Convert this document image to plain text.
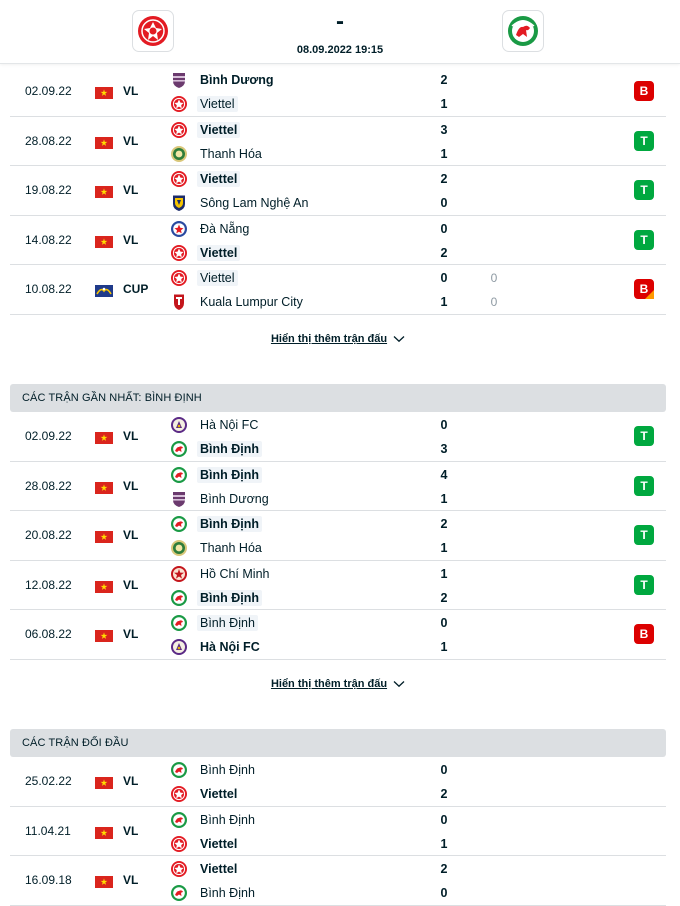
-
08.09.2022 19:15
02.09.22	VL
Bình Dương	2
Viettel	1
B
28.08.22	VL
Viettel	3
Thanh Hóa	1
T
19.08.22	VL
Viettel	2
Sông Lam Nghệ An	0
T
14.08.22	VL
Đà Nẵng	0
Viettel	2
T
10.08.22	CUP
Viettel	0	0
Kuala Lumpur City	1	0
B
Hiển thị thêm trận đấu
CÁC TRẬN GẦN NHẤT: BÌNH ĐỊNH
02.09.22	VL
Hà Nội FC	0
Bình Định	3
T
28.08.22	VL
Bình Định	4
Bình Dương	1
T
20.08.22	VL
Bình Định	2
Thanh Hóa	1
T
12.08.22	VL
Hồ Chí Minh	1
Bình Định	2
T
06.08.22	VL
Bình Định	0
Hà Nội FC	1
B
Hiển thị thêm trận đấu
CÁC TRẬN ĐỐI ĐẦU
25.02.22	VL
Bình Định	0
Viettel	2
11.04.21	VL
Bình Định	0
Viettel	1
16.09.18	VL
Viettel	2
Bình Định	0
